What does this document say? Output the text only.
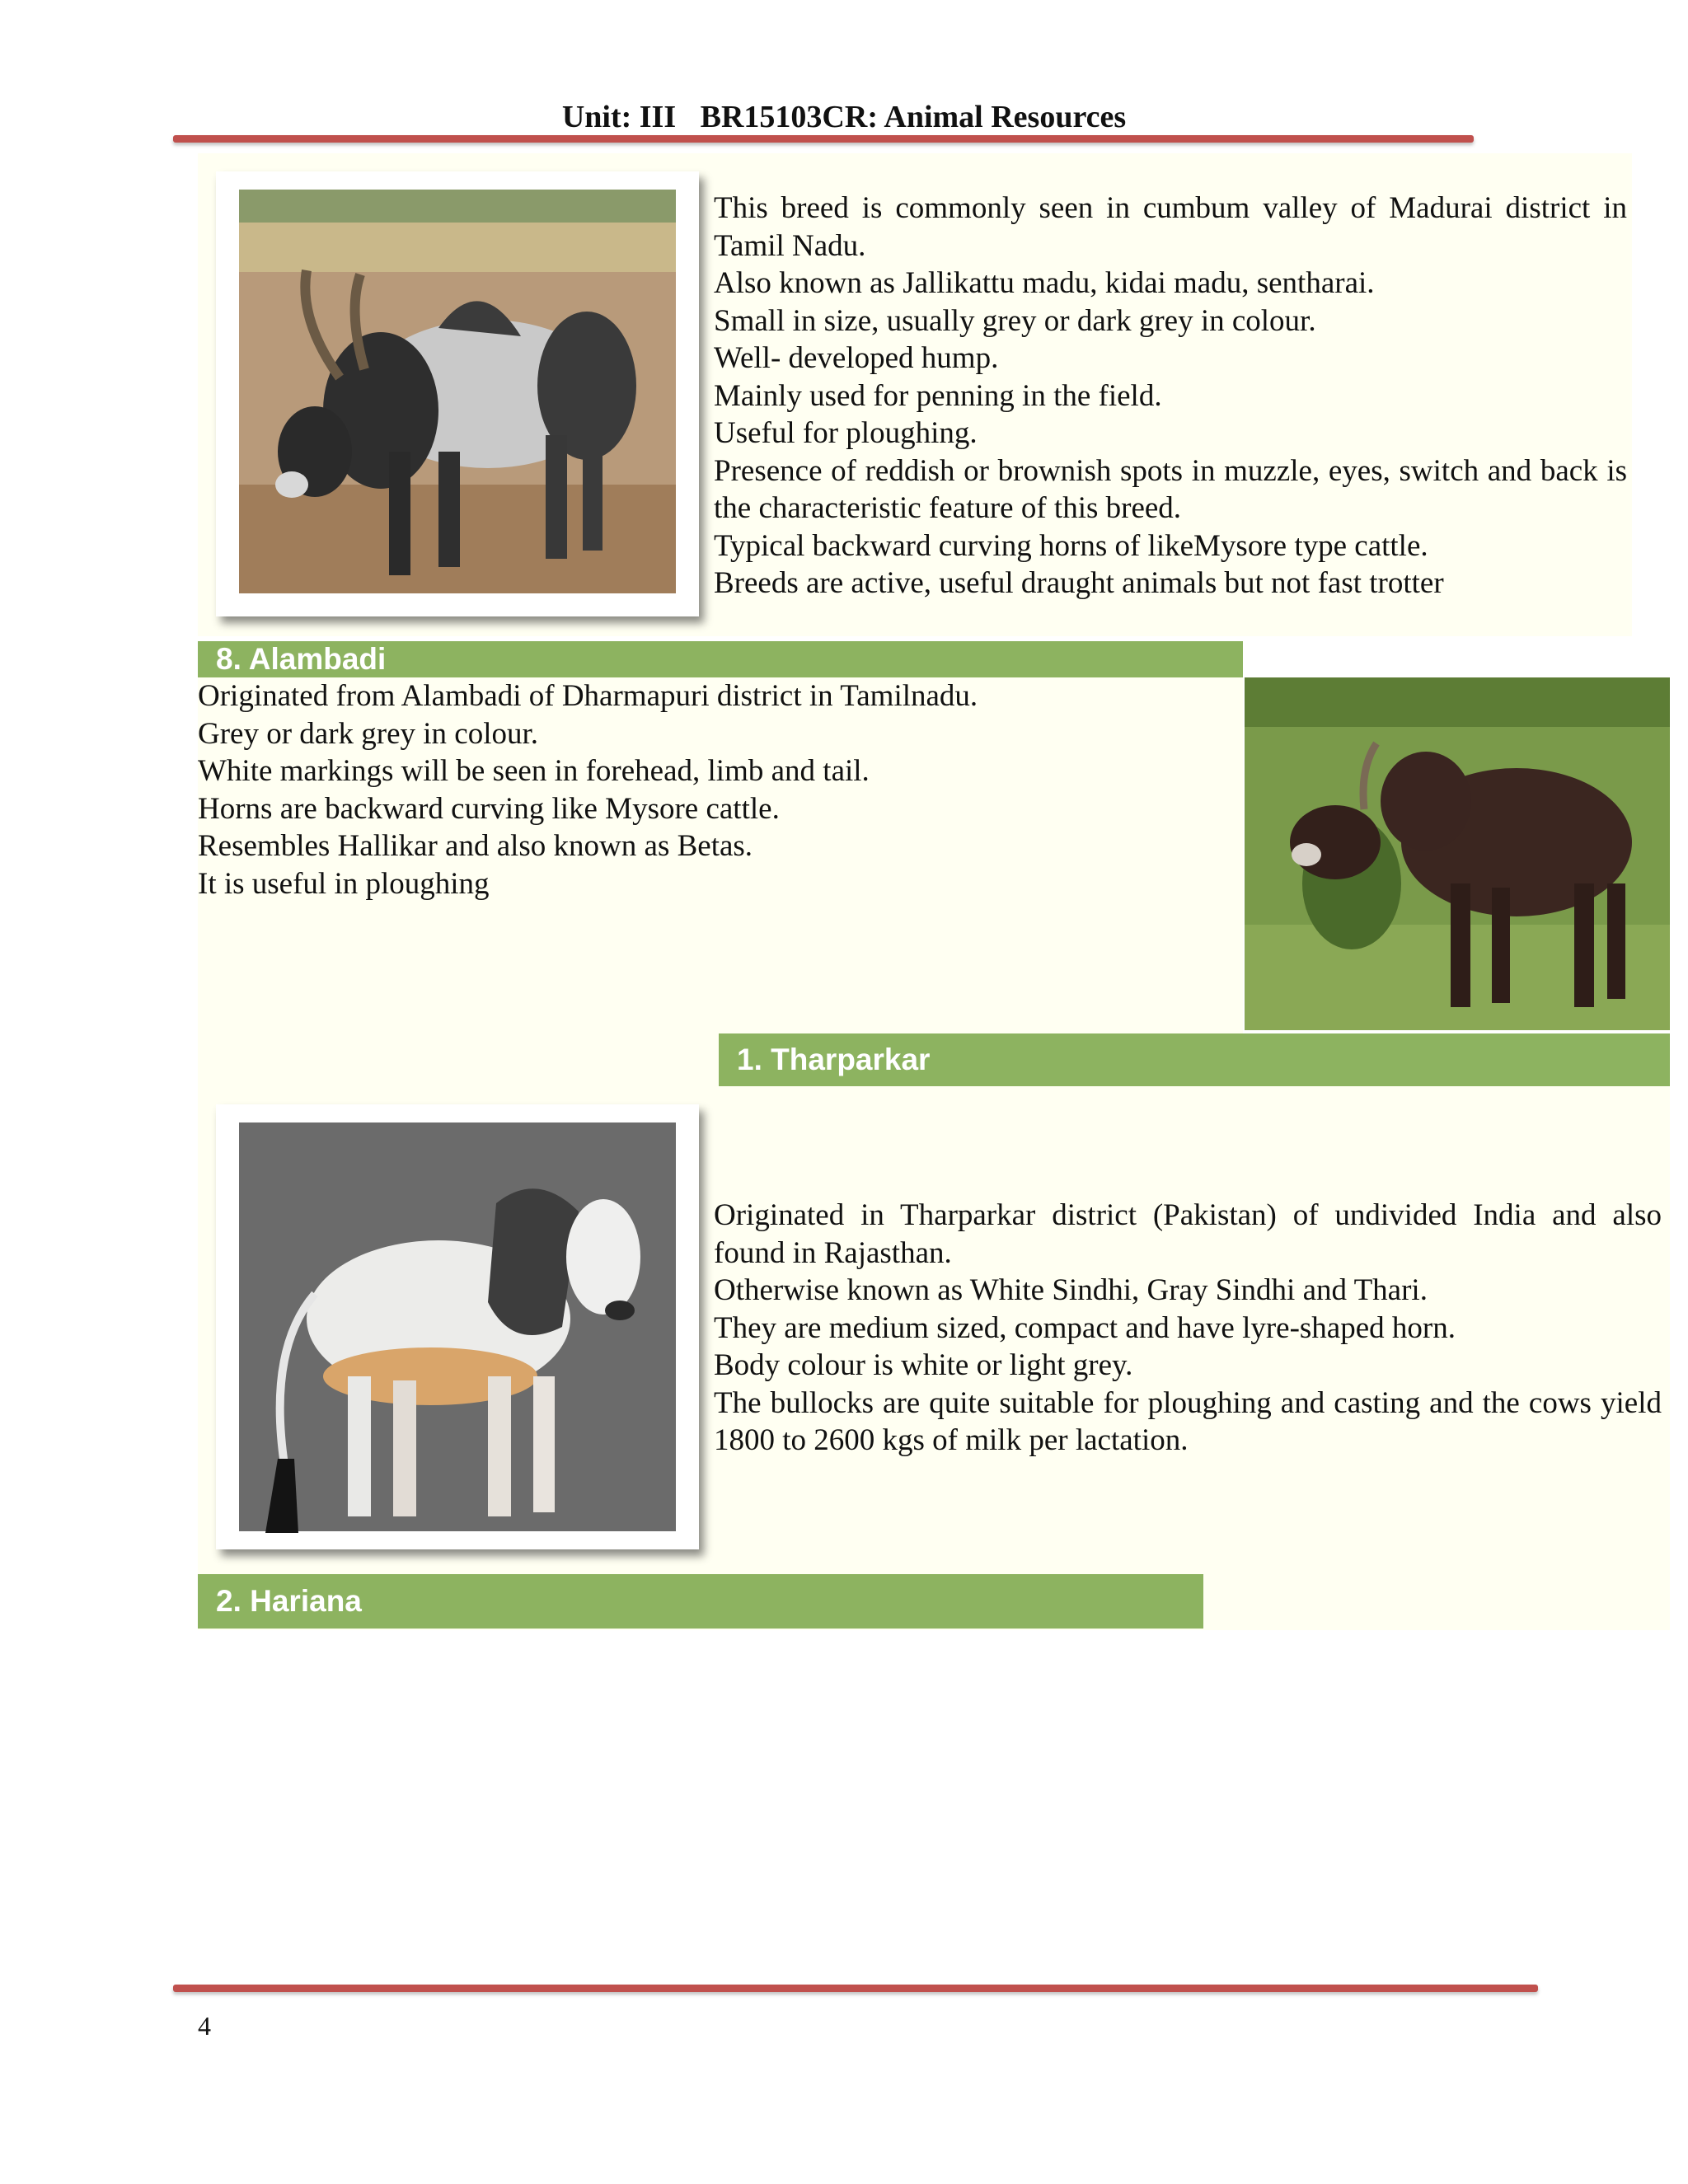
Unit: III BR15103CR: Animal Resources

This breed is commonly seen in cumbum valley of Madurai district in Tamil Nadu.

Also known as Jallikattu madu, kidai madu, sentharai.

Small in size, usually grey or dark grey in colour.

Well- developed hump.

Mainly used for penning in the field.

Useful for ploughing.

Presence of reddish or brownish spots in muzzle, eyes, switch and back is the characteristic feature of this breed.

Typical backward curving horns of likeMysore type cattle.

Breeds are active, useful draught animals but not fast trotter

8. Alambadi

Originated from Alambadi of Dharmapuri district in Tamilnadu.

Grey or dark grey in colour.

White markings will be seen in forehead, limb and tail.

Horns are backward curving like Mysore cattle.

Resembles Hallikar and also known as Betas.

It is useful in ploughing

1. Tharparkar

Originated in Tharparkar district (Pakistan) of undivided India and also found in Rajasthan.

Otherwise known as White Sindhi, Gray Sindhi and Thari.

They are medium sized, compact and have lyre-shaped horn.

Body colour is white or light grey.

The bullocks are quite suitable for ploughing and casting and the cows yield 1800 to 2600 kgs of milk per lactation.

2. Hariana
4
